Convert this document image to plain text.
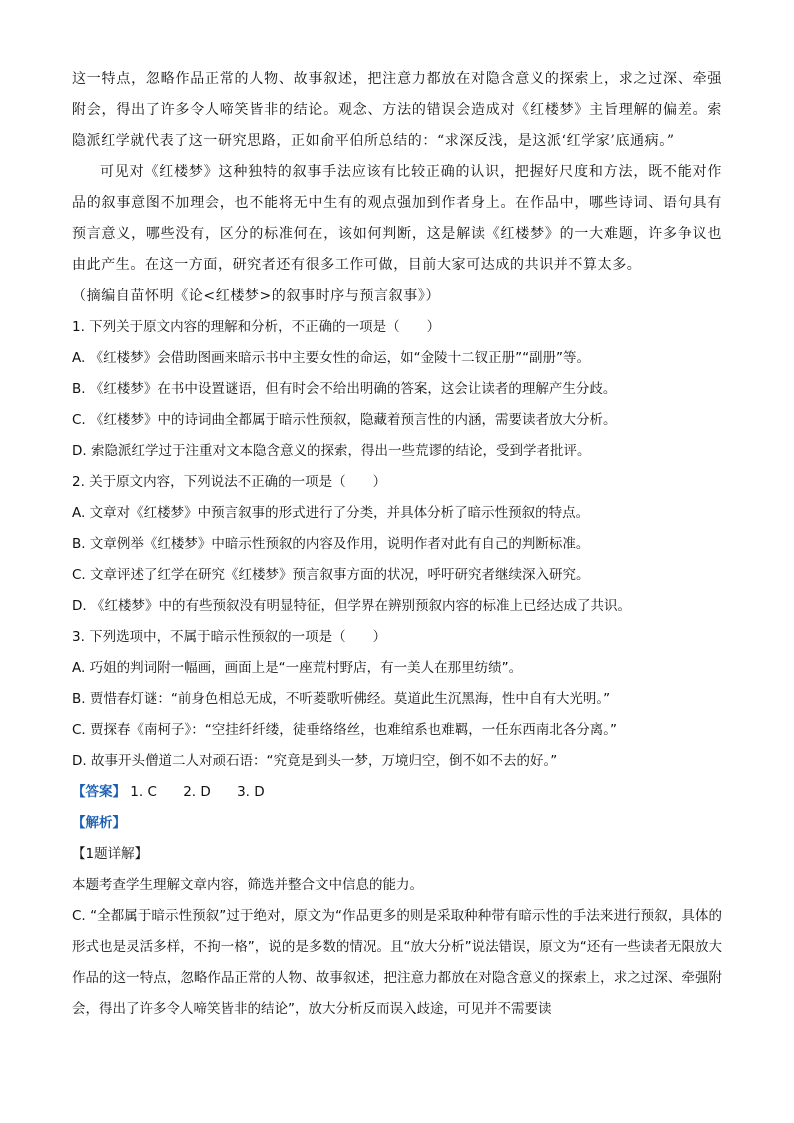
这一特点，忽略作品正常的人物、故事叙述，把注意力都放在对隐含意义的探索上，求之过深、牵强附会，得出了许多令人啼笑皆非的结论。观念、方法的错误会造成对《红楼梦》主旨理解的偏差。索隐派红学就代表了这一研究思路，正如俞平伯所总结的：“求深反浅，是这派‘红学家’底通病。”

可见对《红楼梦》这种独特的叙事手法应该有比较正确的认识，把握好尺度和方法，既不能对作品的叙事意图不加理会，也不能将无中生有的观点强加到作者身上。在作品中，哪些诗词、语句具有预言意义，哪些没有，区分的标准何在，该如何判断，这是解读《红楼梦》的一大难题，许多争议也由此产生。在这一方面，研究者还有很多工作可做，目前大家可达成的共识并不算太多。

（摘编自苗怀明《论<红楼梦>的叙事时序与预言叙事》）

1. 下列关于原文内容的理解和分析，不正确的一项是（　　）

A. 《红楼梦》会借助图画来暗示书中主要女性的命运，如“金陵十二钗正册”“副册”等。

B. 《红楼梦》在书中设置谜语，但有时会不给出明确的答案，这会让读者的理解产生分歧。

C. 《红楼梦》中的诗词曲全都属于暗示性预叙，隐藏着预言性的内涵，需要读者放大分析。

D. 索隐派红学过于注重对文本隐含意义的探索，得出一些荒谬的结论，受到学者批评。

2. 关于原文内容，下列说法不正确的一项是（　　）

A. 文章对《红楼梦》中预言叙事的形式进行了分类，并具体分析了暗示性预叙的特点。

B. 文章例举《红楼梦》中暗示性预叙的内容及作用，说明作者对此有自己的判断标准。

C. 文章评述了红学在研究《红楼梦》预言叙事方面的状况，呼吁研究者继续深入研究。

D. 《红楼梦》中的有些预叙没有明显特征，但学界在辨别预叙内容的标准上已经达成了共识。

3. 下列选项中，不属于暗示性预叙的一项是（　　）

A. 巧姐的判词附一幅画，画面上是“一座荒村野店，有一美人在那里纺绩”。

B. 贾惜春灯谜：“前身色相总无成，不听菱歌听佛经。莫道此生沉黑海，性中自有大光明。”

C. 贾探春《南柯子》：“空挂纤纤缕，徒垂络络丝，也难绾系也难羁，一任东西南北各分离。”

D. 故事开头僧道二人对顽石语：“究竟是到头一梦，万境归空，倒不如不去的好。”

【答案】 1. C 2. D 3. D

【解析】

【1题详解】

本题考查学生理解文章内容，筛选并整合文中信息的能力。

C. “全都属于暗示性预叙”过于绝对，原文为“作品更多的则是采取种种带有暗示性的手法来进行预叙，具体的形式也是灵活多样，不拘一格”，说的是多数的情况。且“放大分析”说法错误，原文为“还有一些读者无限放大作品的这一特点，忽略作品正常的人物、故事叙述，把注意力都放在对隐含意义的探索上，求之过深、牵强附会，得出了许多令人啼笑皆非的结论”，放大分析反而误入歧途，可见并不需要读
